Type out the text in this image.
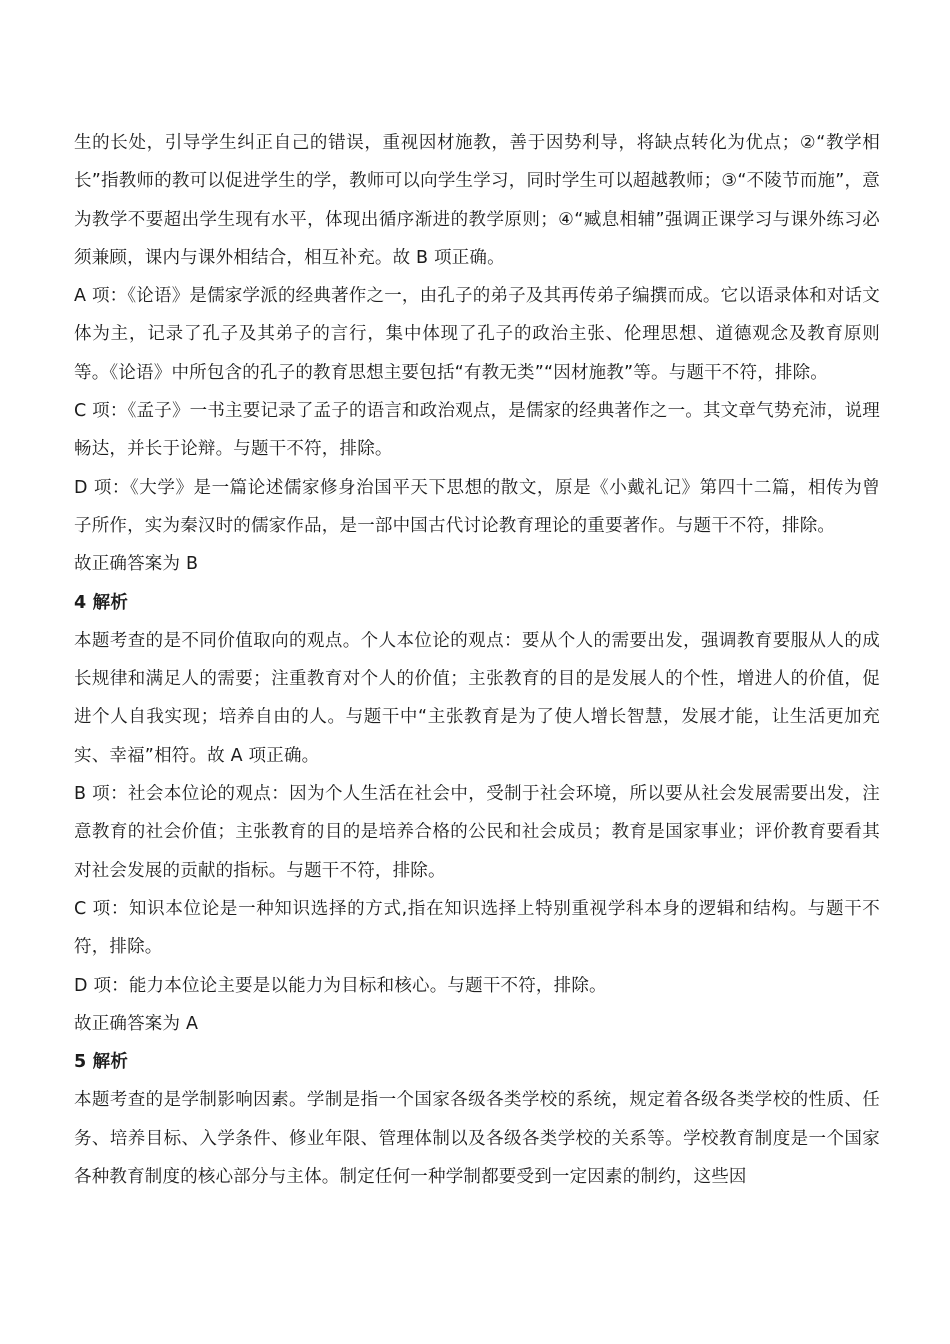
生的长处，引导学生纠正自己的错误，重视因材施教，善于因势利导，将缺点转化为优点；②“教学相长”指教师的教可以促进学生的学，教师可以向学生学习，同时学生可以超越教师；③“不陵节而施”，意为教学不要超出学生现有水平，体现出循序渐进的教学原则；④“臧息相辅”强调正课学习与课外练习必须兼顾，课内与课外相结合，相互补充。故 B 项正确。

A 项：《论语》是儒家学派的经典著作之一，由孔子的弟子及其再传弟子编撰而成。它以语录体和对话文体为主，记录了孔子及其弟子的言行，集中体现了孔子的政治主张、伦理思想、道德观念及教育原则等。《论语》中所包含的孔子的教育思想主要包括“有教无类”“因材施教”等。与题干不符，排除。

C 项：《孟子》一书主要记录了孟子的语言和政治观点，是儒家的经典著作之一。其文章气势充沛，说理畅达，并长于论辩。与题干不符，排除。

D 项：《大学》是一篇论述儒家修身治国平天下思想的散文，原是《小戴礼记》第四十二篇，相传为曾子所作，实为秦汉时的儒家作品，是一部中国古代讨论教育理论的重要著作。与题干不符，排除。

故正确答案为 B

4 解析

本题考查的是不同价值取向的观点。个人本位论的观点：要从个人的需要出发，强调教育要服从人的成长规律和满足人的需要；注重教育对个人的价值；主张教育的目的是发展人的个性，增进人的价值，促进个人自我实现；培养自由的人。与题干中“主张教育是为了使人增长智慧，发展才能，让生活更加充实、幸福”相符。故 A 项正确。

B 项：社会本位论的观点：因为个人生活在社会中，受制于社会环境，所以要从社会发展需要出发，注意教育的社会价值；主张教育的目的是培养合格的公民和社会成员；教育是国家事业；评价教育要看其对社会发展的贡献的指标。与题干不符，排除。

C 项：知识本位论是一种知识选择的方式,指在知识选择上特别重视学科本身的逻辑和结构。与题干不符，排除。

D 项：能力本位论主要是以能力为目标和核心。与题干不符，排除。

故正确答案为 A

5 解析

本题考查的是学制影响因素。学制是指一个国家各级各类学校的系统，规定着各级各类学校的性质、任务、培养目标、入学条件、修业年限、管理体制以及各级各类学校的关系等。学校教育制度是一个国家各种教育制度的核心部分与主体。制定任何一种学制都要受到一定因素的制约，这些因
